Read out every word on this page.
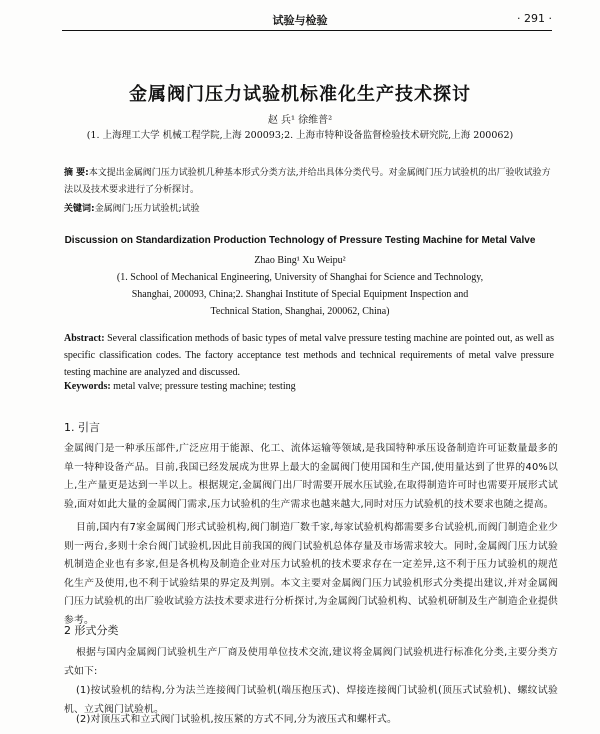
试验与检验	· 291 ·
金属阀门压力试验机标准化生产技术探讨
赵 兵¹ 徐维普²
(1. 上海理工大学 机械工程学院,上海 200093;2. 上海市特种设备监督检验技术研究院,上海 200062)
摘 要:本文提出金属阀门压力试验机几种基本形式分类方法,并给出具体分类代号。对金属阀门压力试验机的出厂验收试验方法以及技术要求进行了分析探讨。
关键词:金属阀门;压力试验机;试验
Discussion on Standardization Production Technology of Pressure Testing Machine for Metal Valve
Zhao Bing¹ Xu Weipu²
(1. School of Mechanical Engineering, University of Shanghai for Science and Technology,
Shanghai, 200093, China;2. Shanghai Institute of Special Equipment Inspection and
Technical Station, Shanghai, 200062, China)
Abstract: Several classification methods of basic types of metal valve pressure testing machine are pointed out, as well as specific classification codes. The factory acceptance test methods and technical requirements of metal valve pressure testing machine are analyzed and discussed.
Keywords: metal valve; pressure testing machine; testing
1. 引言
金属阀门是一种承压部件,广泛应用于能源、化工、流体运输等领域,是我国特种承压设备制造许可证数量最多的单一特种设备产品。目前,我国已经发展成为世界上最大的金属阀门使用国和生产国,使用量达到了世界的40%以上,生产量更是达到一半以上。根据规定,金属阀门出厂时需要开展水压试验,在取得制造许可时也需要开展形式试验,面对如此大量的金属阀门需求,压力试验机的生产需求也越来越大,同时对压力试验机的技术要求也随之提高。
目前,国内有7家金属阀门形式试验机构,阀门制造厂数千家,每家试验机构都需要多台试验机,而阀门制造企业少则一两台,多则十余台阀门试验机,因此目前我国的阀门试验机总体存量及市场需求较大。同时,金属阀门压力试验机制造企业也有多家,但是各机构及制造企业对压力试验机的技术要求存在一定差异,这不利于压力试验机的规范化生产及使用,也不利于试验结果的界定及判别。本文主要对金属阀门压力试验机形式分类提出建议,并对金属阀门压力试验机的出厂验收试验方法技术要求进行分析探讨,为金属阀门试验机构、试验机研制及生产制造企业提供参考。
2 形式分类
根据与国内金属阀门试验机生产厂商及使用单位技术交流,建议将金属阀门试验机进行标准化分类,主要分类方式如下:
(1)按试验机的结构,分为法兰连接阀门试验机(端压抱压式)、焊接连接阀门试验机(顶压式试验机)、螺纹试验机、立式阀门试验机。
(2)对顶压式和立式阀门试验机,按压紧的方式不同,分为液压式和螺杆式。
